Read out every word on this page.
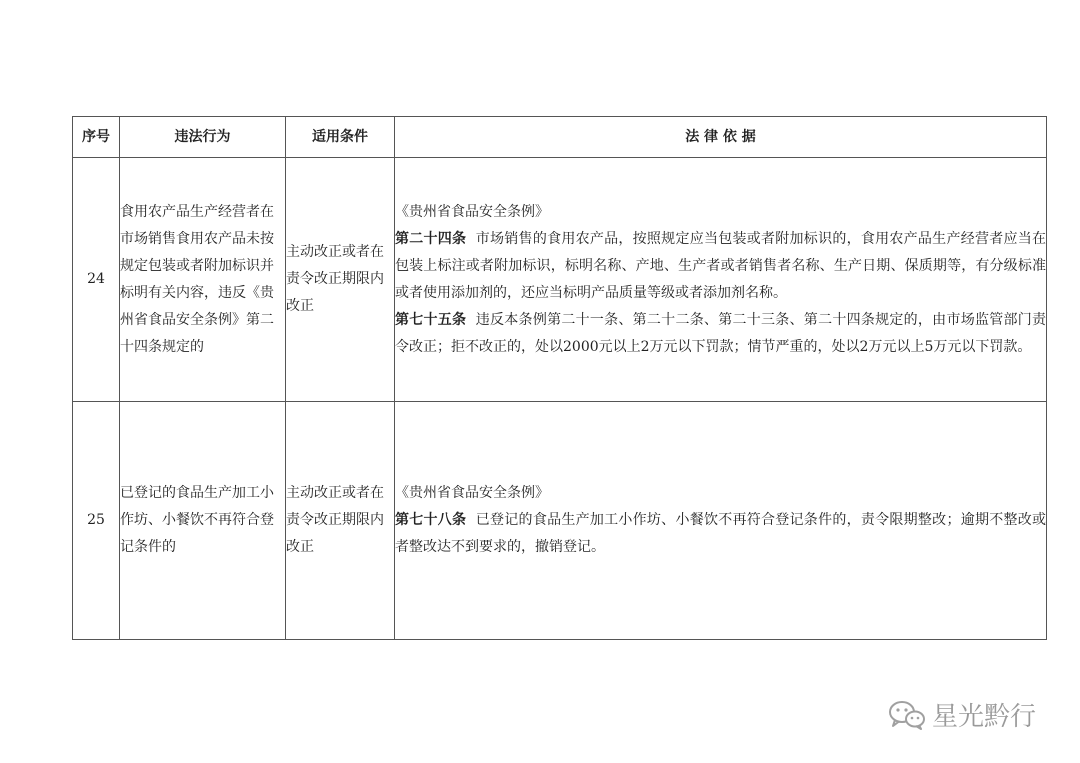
序号	违法行为	适用条件	法 律 依 据
24	食用农产品生产经营者在市场销售食用农产品未按规定包装或者附加标识并标明有关内容，违反《贵州省食品安全条例》第二十四条规定的	主动改正或者在责令改正期限内改正	《贵州省食品安全条例》
第二十四条 市场销售的食用农产品，按照规定应当包装或者附加标识的，食用农产品生产经营者应当在包装上标注或者附加标识，标明名称、产地、生产者或者销售者名称、生产日期、保质期等，有分级标准或者使用添加剂的，还应当标明产品质量等级或者添加剂名称。
第七十五条 违反本条例第二十一条、第二十二条、第二十三条、第二十四条规定的，由市场监管部门责令改正；拒不改正的，处以2000元以上2万元以下罚款；情节严重的，处以2万元以上5万元以下罚款。

25	已登记的食品生产加工小作坊、小餐饮不再符合登记条件的	主动改正或者在责令改正期限内改正	《贵州省食品安全条例》
第七十八条 已登记的食品生产加工小作坊、小餐饮不再符合登记条件的，责令限期整改；逾期不整改或者整改达不到要求的，撤销登记。
星光黔行
